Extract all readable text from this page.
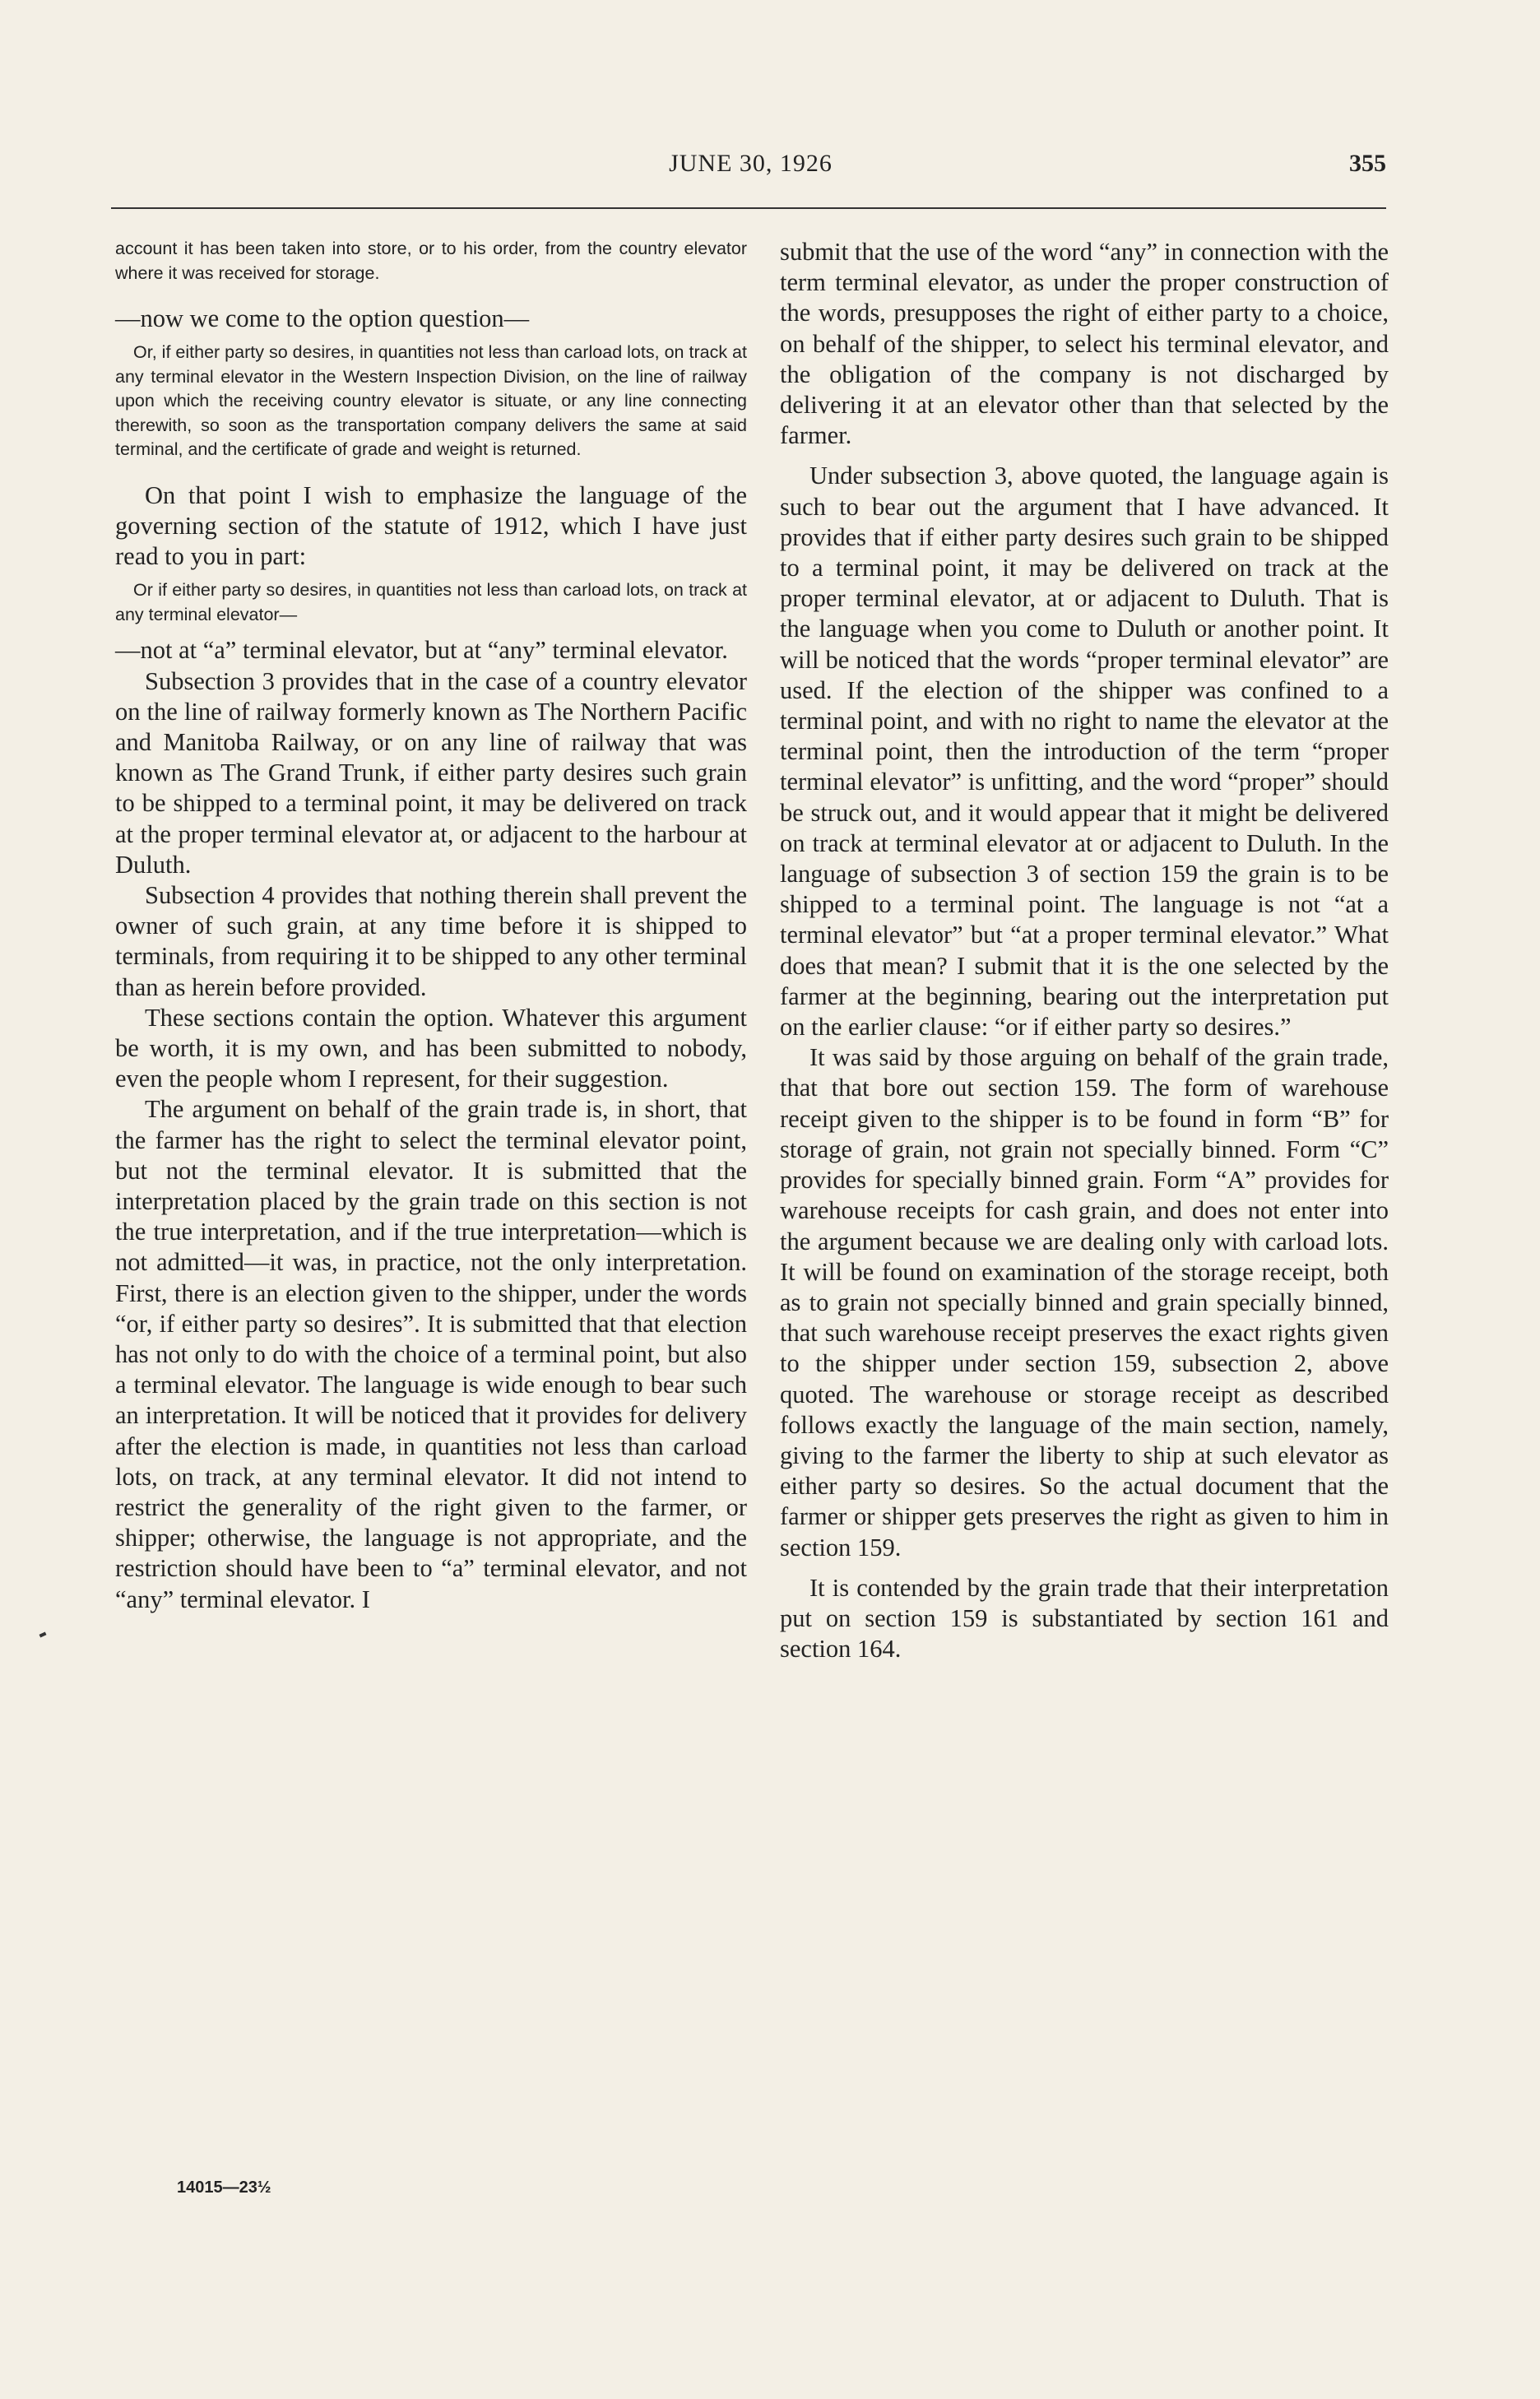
JUNE 30, 1926	355

account it has been taken into store, or to his order, from the country elevator where it was received for storage.

—now we come to the option question—

Or, if either party so desires, in quantities not less than carload lots, on track at any terminal elevator in the Western Inspection Division, on the line of railway upon which the receiving country elevator is situate, or any line connecting therewith, so soon as the transportation company delivers the same at said terminal, and the certificate of grade and weight is returned.

On that point I wish to emphasize the language of the governing section of the statute of 1912, which I have just read to you in part:

Or if either party so desires, in quantities not less than carload lots, on track at any terminal elevator—

—not at “a” terminal elevator, but at “any” terminal elevator.

Subsection 3 provides that in the case of a country elevator on the line of railway formerly known as The Northern Pacific and Manitoba Railway, or on any line of railway that was known as The Grand Trunk, if either party desires such grain to be shipped to a terminal point, it may be delivered on track at the proper terminal elevator at, or adjacent to the harbour at Duluth.

Subsection 4 provides that nothing therein shall prevent the owner of such grain, at any time before it is shipped to terminals, from requiring it to be shipped to any other terminal than as herein before provided.

These sections contain the option. Whatever this argument be worth, it is my own, and has been submitted to nobody, even the people whom I represent, for their suggestion.

The argument on behalf of the grain trade is, in short, that the farmer has the right to select the terminal elevator point, but not the terminal elevator. It is submitted that the interpretation placed by the grain trade on this section is not the true interpretation, and if the true interpretation—which is not admitted—it was, in practice, not the only interpretation. First, there is an election given to the shipper, under the words “or, if either party so desires”. It is submitted that that election has not only to do with the choice of a terminal point, but also a terminal elevator. The language is wide enough to bear such an interpretation. It will be noticed that it provides for delivery after the election is made, in quantities not less than carload lots, on track, at any terminal elevator. It did not intend to restrict the generality of the right given to the farmer, or shipper; otherwise, the language is not appropriate, and the restriction should have been to “a” terminal elevator, and not “any” terminal elevator. I

submit that the use of the word “any” in connection with the term terminal elevator, as under the proper construction of the words, presupposes the right of either party to a choice, on behalf of the shipper, to select his terminal elevator, and the obligation of the company is not discharged by delivering it at an elevator other than that selected by the farmer.

Under subsection 3, above quoted, the language again is such to bear out the argument that I have advanced. It provides that if either party desires such grain to be shipped to a terminal point, it may be delivered on track at the proper terminal elevator, at or adjacent to Duluth. That is the language when you come to Duluth or another point. It will be noticed that the words “proper terminal elevator” are used. If the election of the shipper was confined to a terminal point, and with no right to name the elevator at the terminal point, then the introduction of the term “proper terminal elevator” is unfitting, and the word “proper” should be struck out, and it would appear that it might be delivered on track at terminal elevator at or adjacent to Duluth. In the language of subsection 3 of section 159 the grain is to be shipped to a terminal point. The language is not “at a terminal elevator” but “at a proper terminal elevator.” What does that mean? I submit that it is the one selected by the farmer at the beginning, bearing out the interpretation put on the earlier clause: “or if either party so desires.”

It was said by those arguing on behalf of the grain trade, that that bore out section 159. The form of warehouse receipt given to the shipper is to be found in form “B” for storage of grain, not grain not specially binned. Form “C” provides for specially binned grain. Form “A” provides for warehouse receipts for cash grain, and does not enter into the argument because we are dealing only with carload lots. It will be found on examination of the storage receipt, both as to grain not specially binned and grain specially binned, that such warehouse receipt preserves the exact rights given to the shipper under section 159, subsection 2, above quoted. The warehouse or storage receipt as described follows exactly the language of the main section, namely, giving to the farmer the liberty to ship at such elevator as either party so desires. So the actual document that the farmer or shipper gets preserves the right as given to him in section 159.

It is contended by the grain trade that their interpretation put on section 159 is substantiated by section 161 and section 164.

14015—23½
